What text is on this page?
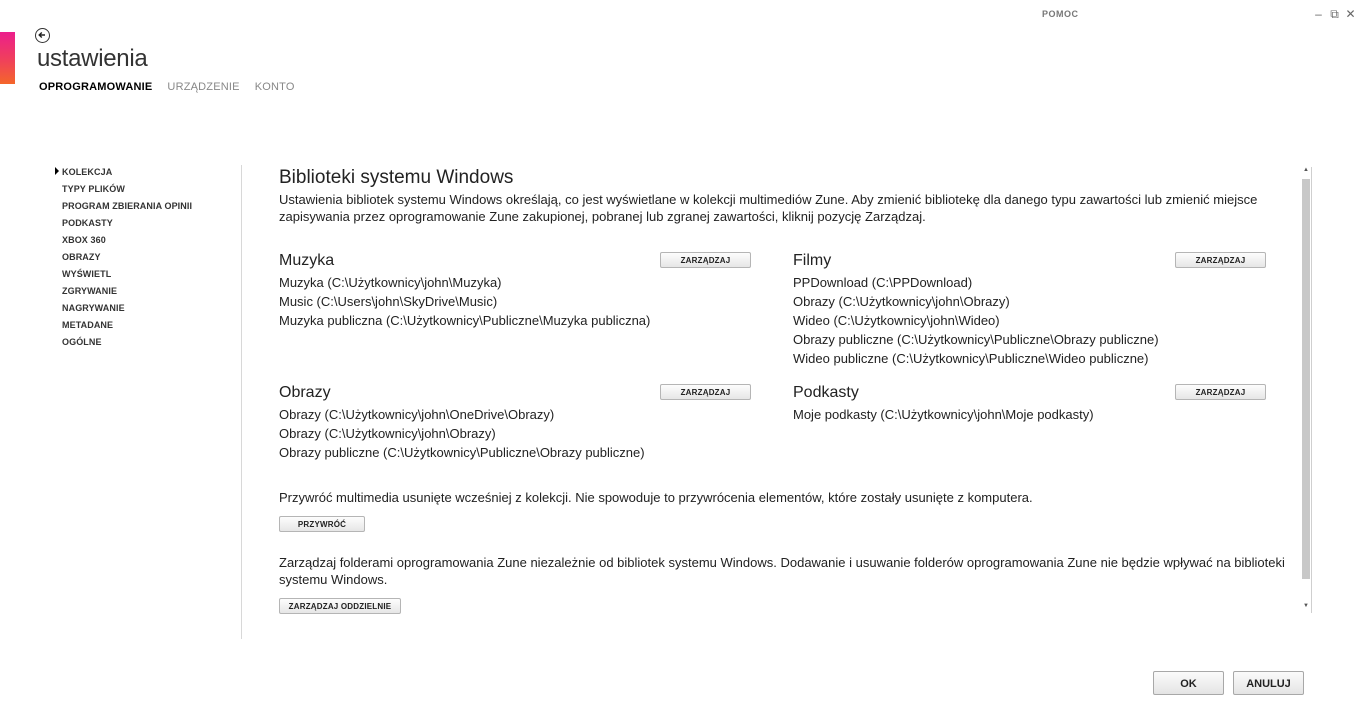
POMOC	– ⧉ ✕
ustawienia
OPROGRAMOWANIE URZĄDZENIE KONTO
KOLEKCJA
TYPY PLIKÓW
PROGRAM ZBIERANIA OPINII
PODKASTY
XBOX 360
OBRAZY
WYŚWIETL
ZGRYWANIE
NAGRYWANIE
METADANE
OGÓLNE
Biblioteki systemu Windows
Ustawienia bibliotek systemu Windows określają, co jest wyświetlane w kolekcji multimediów Zune. Aby zmienić bibliotekę dla danego typu zawartości lub zmienić miejsce zapisywania przez oprogramowanie Zune zakupionej, pobranej lub zgranej zawartości, kliknij pozycję Zarządzaj.
Muzyka
Muzyka (C:\Użytkownicy\john\Muzyka)
Music (C:\Users\john\SkyDrive\Music)
Muzyka publiczna (C:\Użytkownicy\Publiczne\Muzyka publiczna)
ZARZĄDZAJ	Filmy
PPDownload (C:\PPDownload)
Obrazy (C:\Użytkownicy\john\Obrazy)
Wideo (C:\Użytkownicy\john\Wideo)
Obrazy publiczne (C:\Użytkownicy\Publiczne\Obrazy publiczne)
Wideo publiczne (C:\Użytkownicy\Publiczne\Wideo publiczne)
ZARZĄDZAJ
Obrazy
Obrazy (C:\Użytkownicy\john\OneDrive\Obrazy)
Obrazy (C:\Użytkownicy\john\Obrazy)
Obrazy publiczne (C:\Użytkownicy\Publiczne\Obrazy publiczne)
ZARZĄDZAJ	Podkasty
Moje podkasty (C:\Użytkownicy\john\Moje podkasty)
ZARZĄDZAJ
Przywróć multimedia usunięte wcześniej z kolekcji. Nie spowoduje to przywrócenia elementów, które zostały usunięte z komputera.
PRZYWRÓĆ
Zarządzaj folderami oprogramowania Zune niezależnie od bibliotek systemu Windows. Dodawanie i usuwanie folderów oprogramowania Zune nie będzie wpływać na biblioteki systemu Windows.
ZARZĄDZAJ ODDZIELNIE
▲
▼
OK	ANULUJ
